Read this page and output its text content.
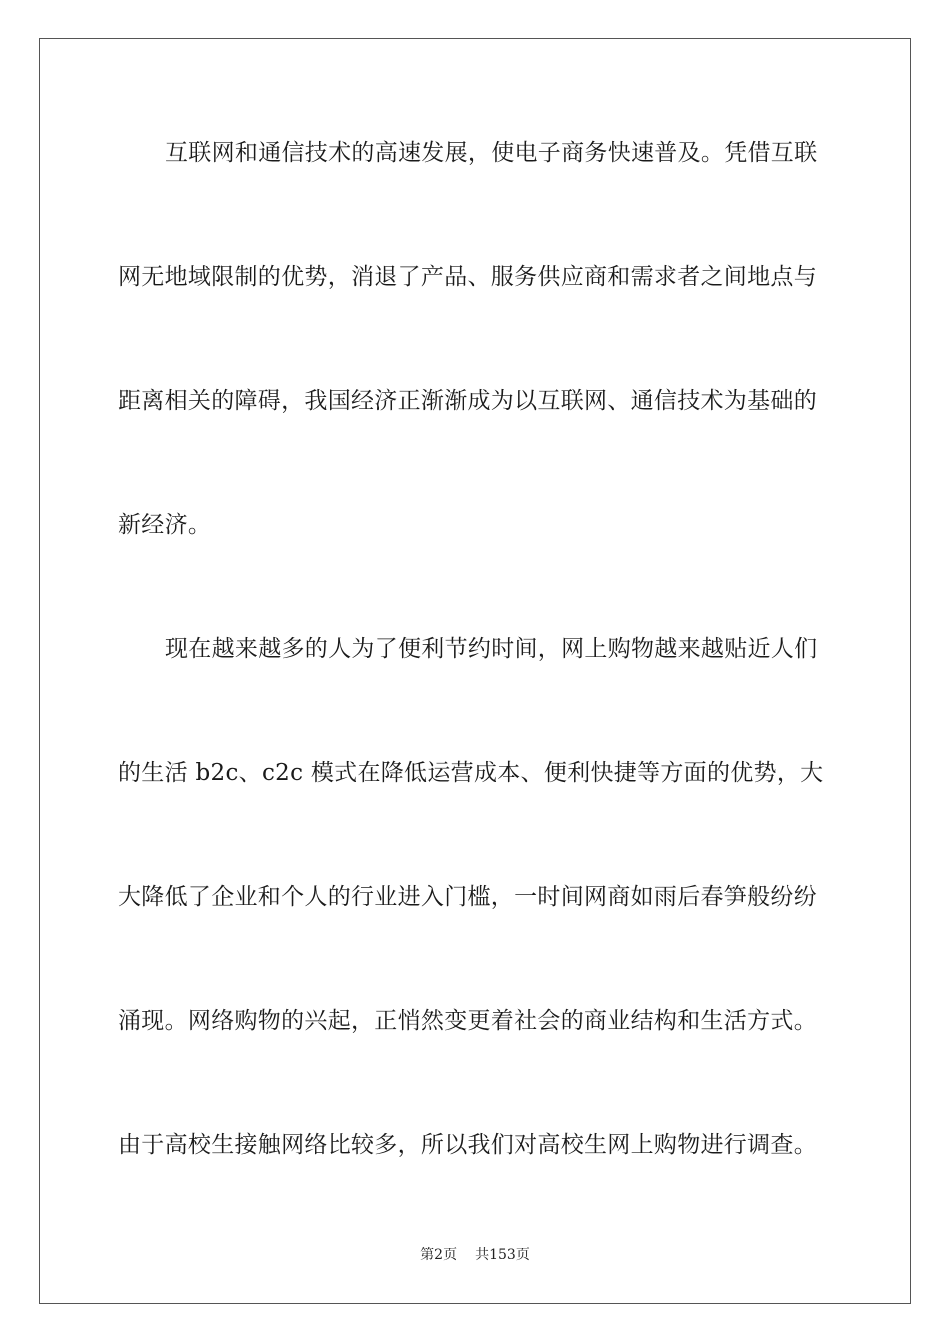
互联网和通信技术的高速发展，使电子商务快速普及。凭借互联
网无地域限制的优势，消退了产品、服务供应商和需求者之间地点与
距离相关的障碍，我国经济正渐渐成为以互联网、通信技术为基础的
新经济。
现在越来越多的人为了便利节约时间，网上购物越来越贴近人们
的生活 b2c、c2c 模式在降低运营成本、便利快捷等方面的优势，大
大降低了企业和个人的行业进入门槛，一时间网商如雨后春笋般纷纷
涌现。网络购物的兴起，正悄然变更着社会的商业结构和生活方式。
由于高校生接触网络比较多，所以我们对高校生网上购物进行调查。
第2页 共153页
